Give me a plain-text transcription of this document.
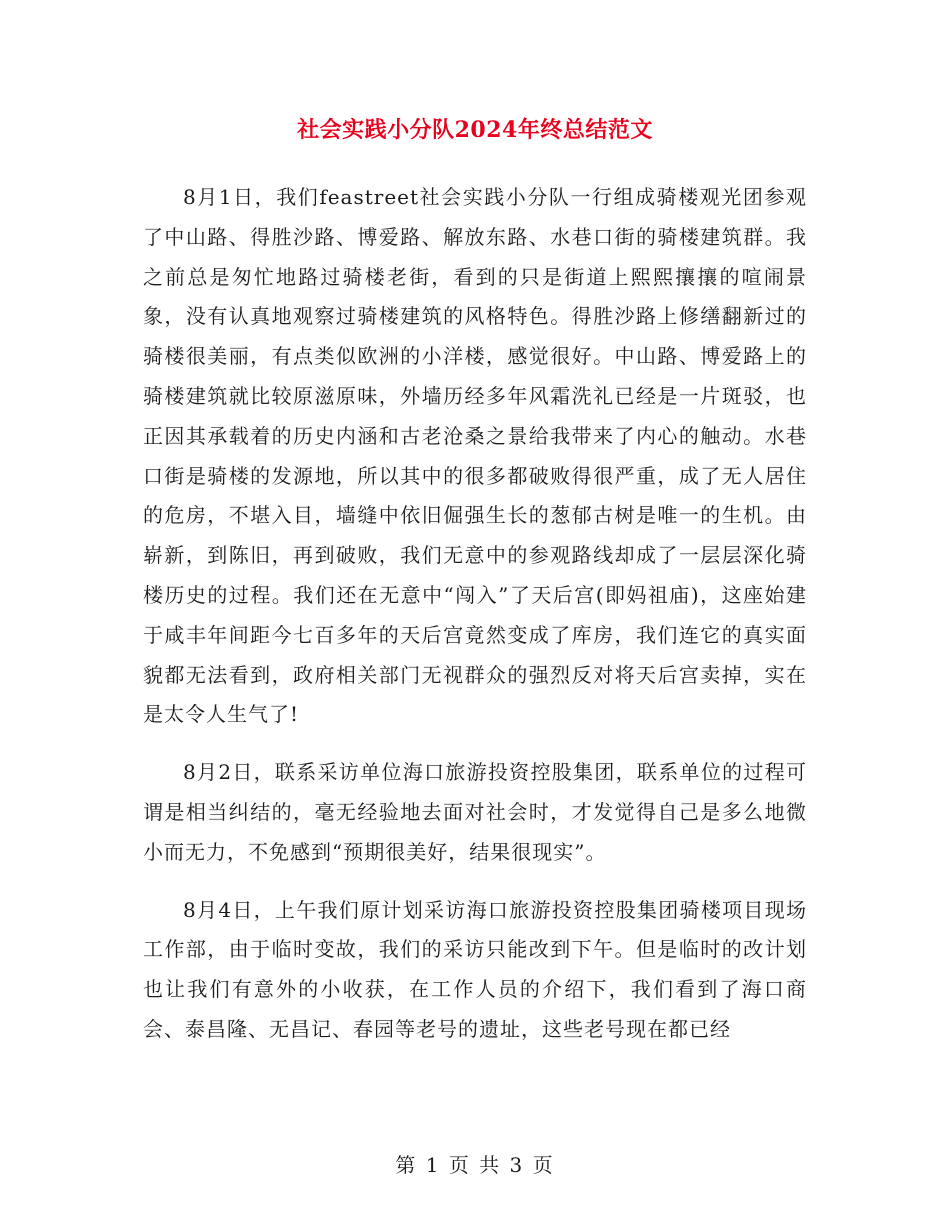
社会实践小分队2024年终总结范文

8月1日，我们feastreet社会实践小分队一行组成骑楼观光团参观了中山路、得胜沙路、博爱路、解放东路、水巷口街的骑楼建筑群。我之前总是匆忙地路过骑楼老街，看到的只是街道上熙熙攘攘的喧闹景象，没有认真地观察过骑楼建筑的风格特色。得胜沙路上修缮翻新过的骑楼很美丽，有点类似欧洲的小洋楼，感觉很好。中山路、博爱路上的骑楼建筑就比较原滋原味，外墙历经多年风霜洗礼已经是一片斑驳，也正因其承载着的历史内涵和古老沧桑之景给我带来了内心的触动。水巷口街是骑楼的发源地，所以其中的很多都破败得很严重，成了无人居住的危房，不堪入目，墙缝中依旧倔强生长的葱郁古树是唯一的生机。由崭新，到陈旧，再到破败，我们无意中的参观路线却成了一层层深化骑楼历史的过程。我们还在无意中“闯入”了天后宫(即妈祖庙)，这座始建于咸丰年间距今七百多年的天后宫竟然变成了库房，我们连它的真实面貌都无法看到，政府相关部门无视群众的强烈反对将天后宫卖掉，实在是太令人生气了!

8月2日，联系采访单位海口旅游投资控股集团，联系单位的过程可谓是相当纠结的，毫无经验地去面对社会时，才发觉得自己是多么地微小而无力，不免感到“预期很美好，结果很现实”。

8月4日，上午我们原计划采访海口旅游投资控股集团骑楼项目现场工作部，由于临时变故，我们的采访只能改到下午。但是临时的改计划也让我们有意外的小收获，在工作人员的介绍下，我们看到了海口商会、泰昌隆、无昌记、春园等老号的遗址，这些老号现在都已经

第 1 页 共 3 页
